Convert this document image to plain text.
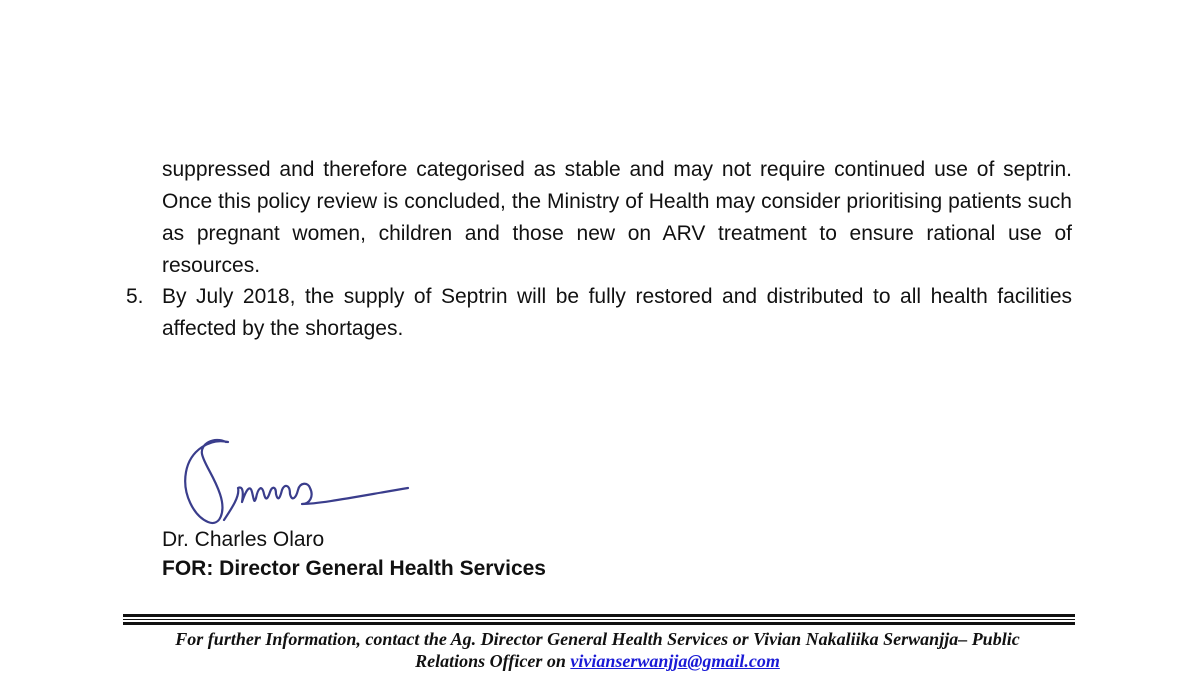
suppressed and therefore categorised as stable and may not require continued use of septrin. Once this policy review is concluded, the Ministry of Health may consider prioritising patients such as pregnant women, children and those new on ARV treatment to ensure rational use of resources.

5. By July 2018, the supply of Septrin will be fully restored and distributed to all health facilities affected by the shortages.

Dr. Charles Olaro
FOR: Director General Health Services
For further Information, contact the Ag. Director General Health Services or Vivian Nakaliika Serwanjja– Public
Relations Officer on vivianserwanjja@gmail.com
